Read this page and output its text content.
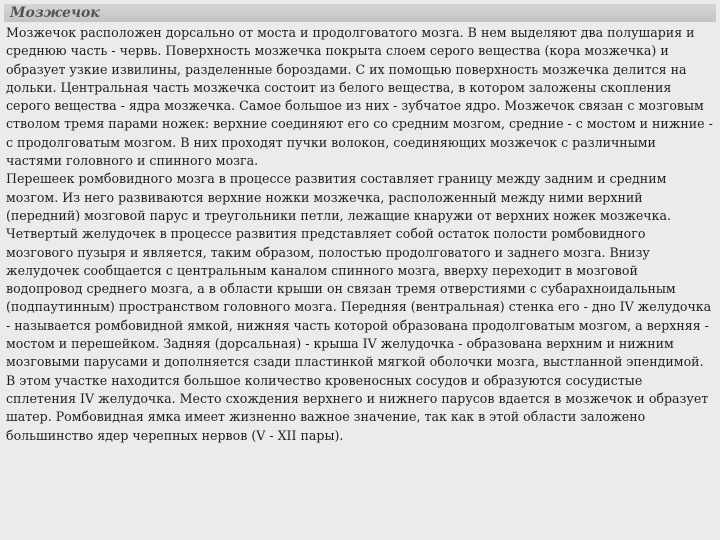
Мозжечок

Мозжечок расположен дорсально от моста и продолговатого мозга. В нем выделяют два полушария и среднюю часть - червь. Поверхность мозжечка покрыта слоем серого вещества (кора мозжечка) и образует узкие извилины, разделенные бороздами. С их помощью поверхность мозжечка делится на дольки. Центральная часть мозжечка состоит из белого вещества, в котором заложены скопления серого вещества - ядра мозжечка. Самое большое из них - зубчатое ядро. Мозжечок связан с мозговым стволом тремя парами ножек: верхние соединяют его со средним мозгом, средние - с мостом и нижние - с продолговатым мозгом. В них проходят пучки волокон, соединяющих мозжечок с различными частями головного и спинного мозга.

Перешеек ромбовидного мозга в процессе развития составляет границу между задним и средним мозгом. Из него развиваются верхние ножки мозжечка, расположенный между ними верхний (передний) мозговой парус и треугольники петли, лежащие кнаружи от верхних ножек мозжечка.

Четвертый желудочек в процессе развития представляет собой остаток полости ромбовидного мозгового пузыря и является, таким образом, полостью продолговатого и заднего мозга. Внизу желудочек сообщается с центральным каналом спинного мозга, вверху переходит в мозговой водопровод среднего мозга, а в области крыши он связан тремя отверстиями с субарахноидальным (подпаутинным) пространством головного мозга. Передняя (вентральная) стенка его - дно IV желудочка - называется ромбовидной ямкой, нижняя часть которой образована продолговатым мозгом, а верхняя - мостом и перешейком. Задняя (дорсальная) - крыша IV желудочка - образована верхним и нижним мозговыми парусами и дополняется сзади пластинкой мягкой оболочки мозга, выстланной эпендимой. В этом участке находится большое количество кровеносных сосудов и образуются сосудистые сплетения IV желудочка. Место схождения верхнего и нижнего парусов вдается в мозжечок и образует шатер. Ромбовидная ямка имеет жизненно важное значение, так как в этой области заложено большинство ядер черепных нервов (V - XII пары).
